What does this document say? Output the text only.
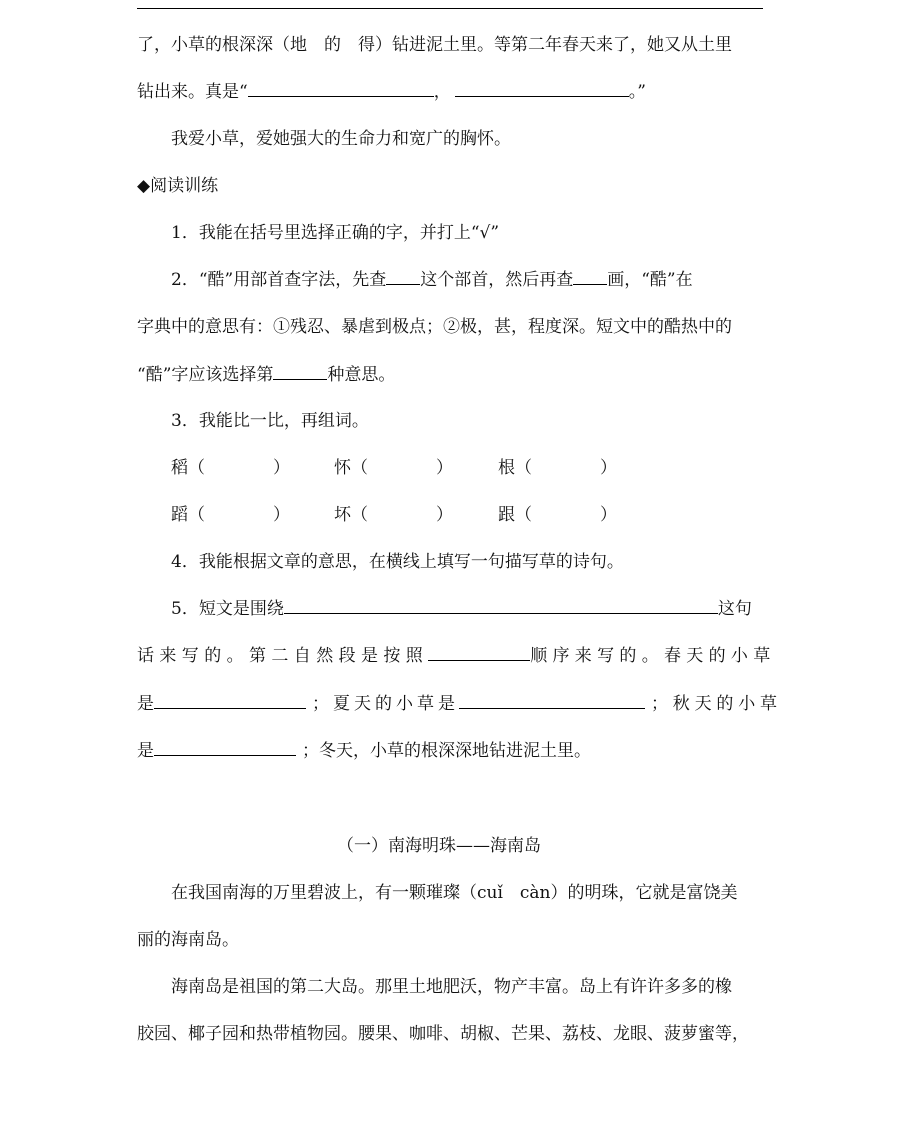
了，小草的根深深（地　的　得）钻进泥土里。等第二年春天来了，她又从土里
钻出来。真是“	，	。”
我爱小草，爱她强大的生命力和宽广的胸怀。
◆阅读训练
1．我能在括号里选择正确的字，并打上“√”
2．“酷”用部首查字法，先查 这个部首，然后再查 画，“酷”在
字典中的意思有：①残忍、暴虐到极点；②极，甚，程度深。短文中的酷热中的
“酷”字应该选择第	种意思。
3．我能比一比，再组词。
稻（　　　　）	怀（　　　　）	根（　　　　）
蹈（　　　　）	坏（　　　　）	跟（　　　　）
4．我能根据文章的意思，在横线上填写一句描写草的诗句。
5．短文是围绕	这句
话来写的。第二自然段是按照	顺序来写的。春天的小草
是	；夏天的小草是	；秋天的小草
是	；冬天，小草的根深深地钻进泥土里。
（一）南海明珠——海南岛
在我国南海的万里碧波上，有一颗璀璨（cuǐ　càn）的明珠，它就是富饶美
丽的海南岛。
海南岛是祖国的第二大岛。那里土地肥沃，物产丰富。岛上有许许多多的橡
胶园、椰子园和热带植物园。腰果、咖啡、胡椒、芒果、荔枝、龙眼、菠萝蜜等，
